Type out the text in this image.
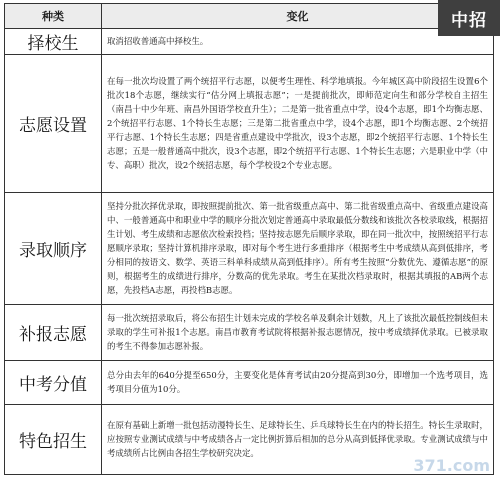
中招
种类	变化
择校生	取消招收普通高中择校生。
志愿设置	在每一批次均设置了两个统招平行志愿，以便考生理性、科学地填报。今年城区高中阶段招生设置6个批次18个志愿，继续实行“估分网上填报志愿”；一是提前批次，即师范定向生和部分学校自主招生（南昌十中少年班、南昌外国语学校直升生）；二是第一批省重点中学，设4个志愿，即1个均衡志愿、2个统招平行志愿、1个特长生志愿；三是第二批省重点中学，设4个志愿，即1个均衡志愿、2个统招平行志愿、1个特长生志愿；四是省重点建设中学批次，设3个志愿，即2个统招平行志愿、1个特长生志愿；五是一般普通高中批次，设3个志愿，即2个统招平行志愿、1个特长生志愿；六是职业中学（中专、高职）批次，设2个统招志愿，每个学校设2个专业志愿。
录取顺序	坚持分批次择优录取，即按照提前批次、第一批省级重点高中、第二批省级重点高中、省级重点建设高中、一般普通高中和职业中学的顺序分批次划定普通高中录取最低分数线和该批次各校录取线，根据招生计划、考生成绩和志愿依次检索投档；坚持按志愿先后顺序录取，即在同一批次中，按照统招平行志愿顺序录取；坚持计算机排序录取，即对每个考生进行多重排序（根据考生中考成绩从高到低排序，考分相同的按语文、数学、英语三科单科成绩从高到低排序）。所有考生按照“分数优先、遵循志愿”的原则，根据考生的成绩进行排序，分数高的优先录取。考生在某批次档录取时，根据其填报的AB两个志愿，先投档A志愿，再投档B志愿。
补报志愿	每一批次统招录取后，将公布招生计划未完成的学校名单及剩余计划数，凡上了该批次最低控制线但未录取的学生可补报1个志愿。南昌市教育考试院将根据补报志愿情况，按中考成绩择优录取。已被录取的考生不得参加志愿补报。
中考分值	总分由去年的640分提至650分，主要变化是体育考试由20分提高到30分，即增加一个选考项目，选考项目分值为10分。
特色招生	在原有基础上新增一批包括动漫特长生、足球特长生、乒乓球特长生在内的特长招生。特长生录取时，应按照专业测试成绩与中考成绩各占一定比例折算后相加的总分从高到低择优录取。专业测试成绩与中考成绩所占比例由各招生学校研究决定。
371.com
